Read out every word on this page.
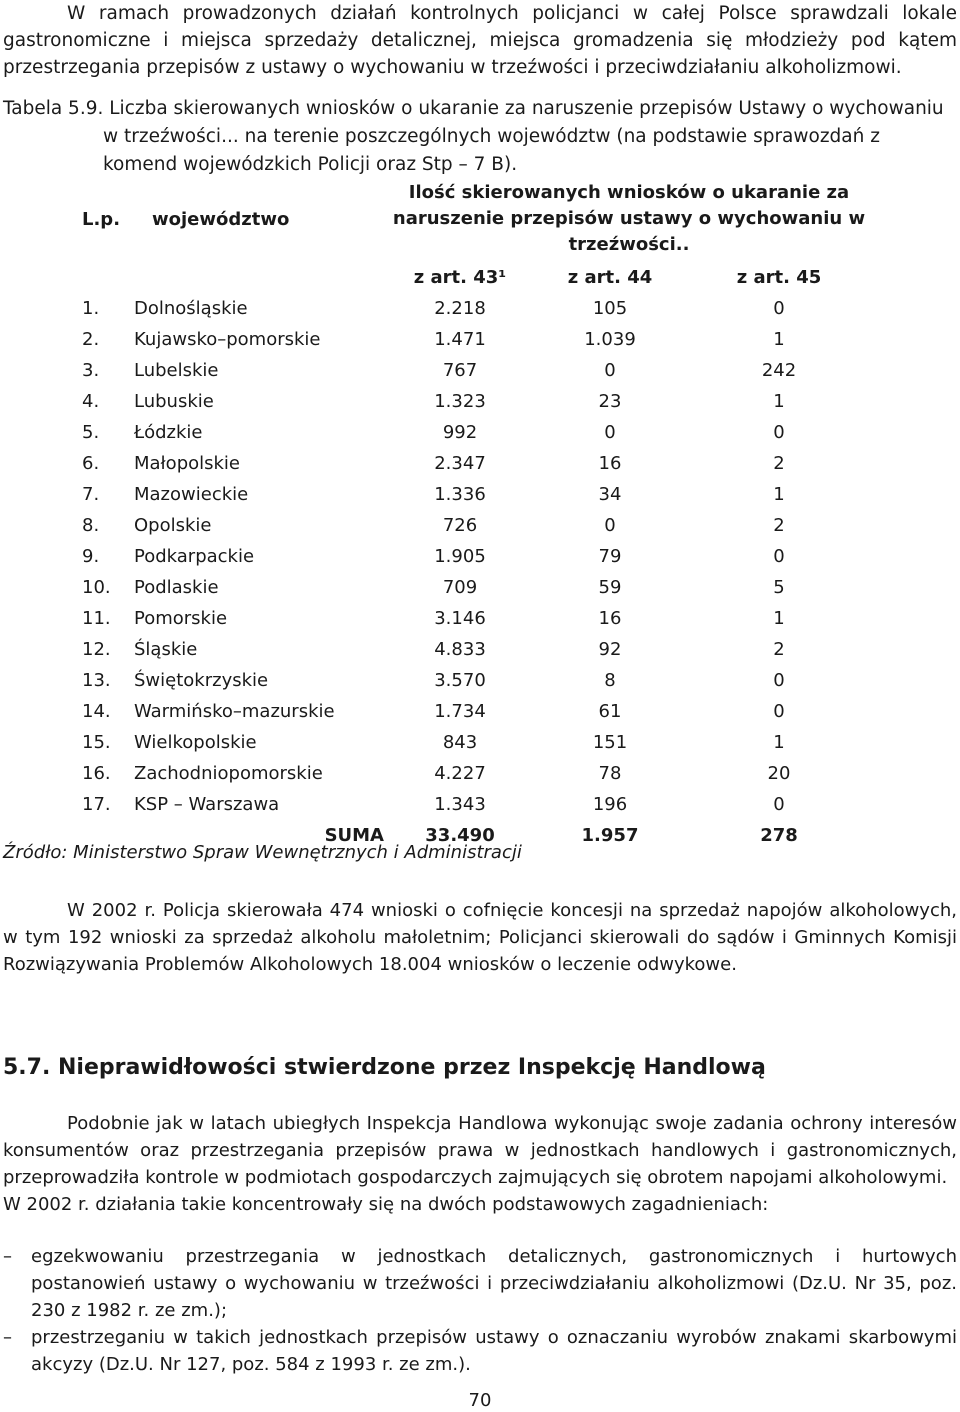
W ramach prowadzonych działań kontrolnych policjanci w całej Polsce sprawdzali lokale gastronomiczne i miejsca sprzedaży detalicznej, miejsca gromadzenia się młodzieży pod kątem przestrzegania przepisów z ustawy o wychowaniu w trzeźwości i przeciwdziałaniu alkoholizmowi.

Tabela 5.9. Liczba skierowanych wniosków o ukaranie za naruszenie przepisów Ustawy o wychowaniu
w trzeźwości... na terenie poszczególnych województw (na podstawie sprawozdań z
komend wojewódzkich Policji oraz Stp – 7 B).
L.p.	województwo	Ilość skierowanych wniosków o ukaranie za naruszenie przepisów ustawy o wychowaniu w trzeźwości..		
		z art. 43¹	z art. 44	z art. 45
1.	Dolnośląskie	2.218	105	0
2.	Kujawsko–pomorskie	1.471	1.039	1
3.	Lubelskie	767	0	242
4.	Lubuskie	1.323	23	1
5.	Łódzkie	992	0	0
6.	Małopolskie	2.347	16	2
7.	Mazowieckie	1.336	34	1
8.	Opolskie	726	0	2
9.	Podkarpackie	1.905	79	0
10.	Podlaskie	709	59	5
11.	Pomorskie	3.146	16	1
12.	Śląskie	4.833	92	2
13.	Świętokrzyskie	3.570	8	0
14.	Warmińsko–mazurskie	1.734	61	0
15.	Wielkopolskie	843	151	1
16.	Zachodniopomorskie	4.227	78	20
17.	KSP – Warszawa	1.343	196	0
	SUMA	33.490	1.957	278

Źródło: Ministerstwo Spraw Wewnętrznych i Administracji

W 2002 r. Policja skierowała 474 wnioski o cofnięcie koncesji na sprzedaż napojów alkoholowych, w tym 192 wnioski za sprzedaż alkoholu małoletnim; Policjanci skierowali do sądów i Gminnych Komisji Rozwiązywania Problemów Alkoholowych 18.004 wniosków o leczenie odwykowe.

5.7. Nieprawidłowości stwierdzone przez Inspekcję Handlową

Podobnie jak w latach ubiegłych Inspekcja Handlowa wykonując swoje zadania ochrony interesów konsumentów oraz przestrzegania przepisów prawa w jednostkach handlowych i gastronomicznych, przeprowadziła kontrole w podmiotach gospodarczych zajmujących się obrotem napojami alkoholowymi.

W 2002 r. działania takie koncentrowały się na dwóch podstawowych zagadnieniach:

– egzekwowaniu przestrzegania w jednostkach detalicznych, gastronomicznych i hurtowych postanowień ustawy o wychowaniu w trzeźwości i przeciwdziałaniu alkoholizmowi (Dz.U. Nr 35, poz. 230 z 1982 r. ze zm.);
– przestrzeganiu w takich jednostkach przepisów ustawy o oznaczaniu wyrobów znakami skarbowymi akcyzy (Dz.U. Nr 127, poz. 584 z 1993 r. ze zm.).
70
